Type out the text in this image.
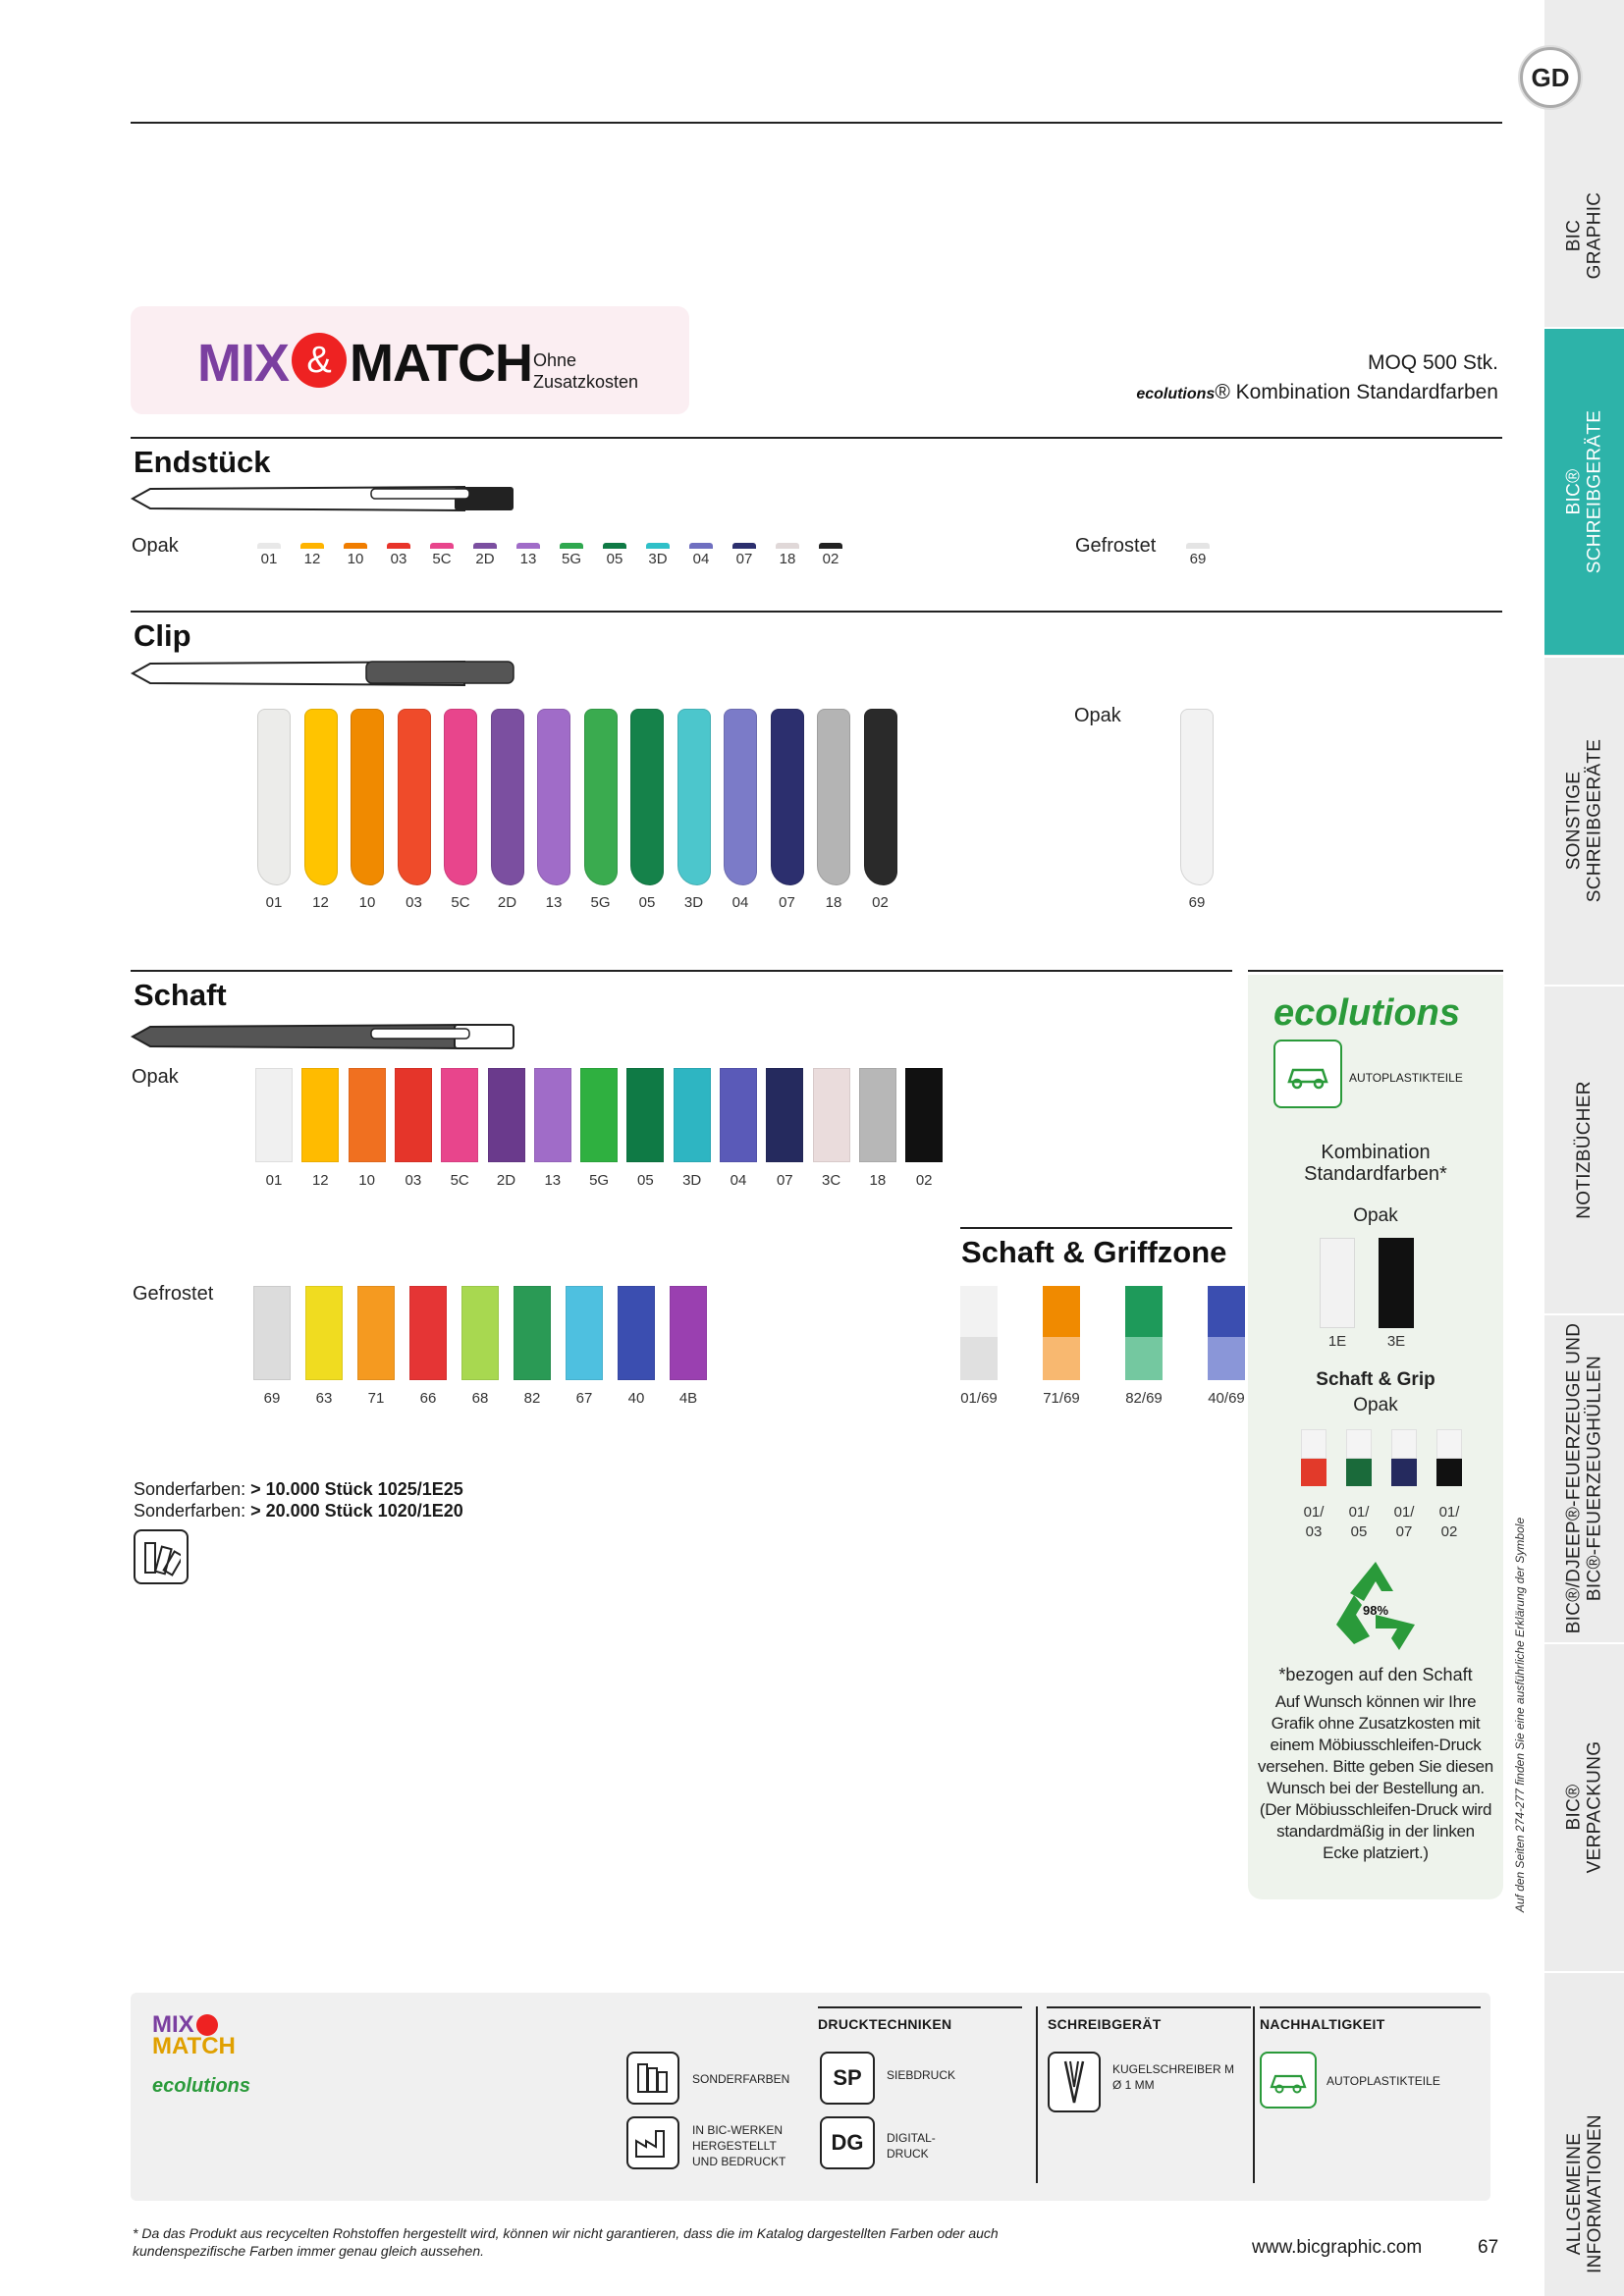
BIC
GRAPHIC
BIC®
SCHREIBGERÄTE
SONSTIGE
SCHREIBGERÄTE
NOTIZBÜCHER
BIC®/DJEEP®-FEUERZEUGE UND
BIC®-FEUERZEUGHÜLLEN
BIC®
VERPACKUNG
ALLGEMEINE
INFORMATIONEN
GD
Auf den Seiten 274-277 finden Sie eine ausführliche Erklärung der Symbole
MIX & MATCH Ohne
Zusatzkosten
MOQ 500 Stk.
ecolutions® Kombination Standardfarben
Endstück
Opak
01	12	10	03	5C	2D	13	5G	05	3D	04	07	18	02
Gefrostet
69
Clip
01	12	10	03	5C	2D	13	5G	05	3D	04	07	18	02
Opak
69
Schaft
Opak
01	12	10	03	5C	2D	13	5G	05	3D	04	07	3C	18	02
Gefrostet
69	63	71	66	68	82	67	40	4B
Schaft & Griffzone
01/69	71/69	82/69	40/69
Sonderfarben: > 10.000 Stück 1025/1E25
Sonderfarben: > 20.000 Stück 1020/1E20
ecolutions
AUTOPLASTIKTEILE
Kombination
Standardfarben*
Opak
Schaft & Grip
Opak
98%
*bezogen auf den Schaft
Auf Wunsch können wir Ihre Grafik ohne Zusatzkosten mit einem Möbiusschleifen-Druck versehen. Bitte geben Sie diesen Wunsch bei der Bestellung an. (Der Möbiusschleifen-Druck wird standardmäßig in der linken Ecke platziert.)
1E	3E
01/
03
01/
05
01/
07
01/
02
MIX
MATCH
ecolutions	SONDERFARBEN
IN BIC-WERKEN
HERGESTELLT
UND BEDRUCKT
DRUCKTECHNIKEN
SP	SIEBDRUCK
DG	DIGITAL-
DRUCK
SCHREIBGERÄT
KUGELSCHREIBER M
Ø 1 MM
NACHHALTIGKEIT
AUTOPLASTIKTEILE
* Da das Produkt aus recycelten Rohstoffen hergestellt wird, können wir nicht garantieren, dass die im Katalog dargestellten Farben oder auch
kundenspezifische Farben immer genau gleich aussehen.	www.bicgraphic.com	67
